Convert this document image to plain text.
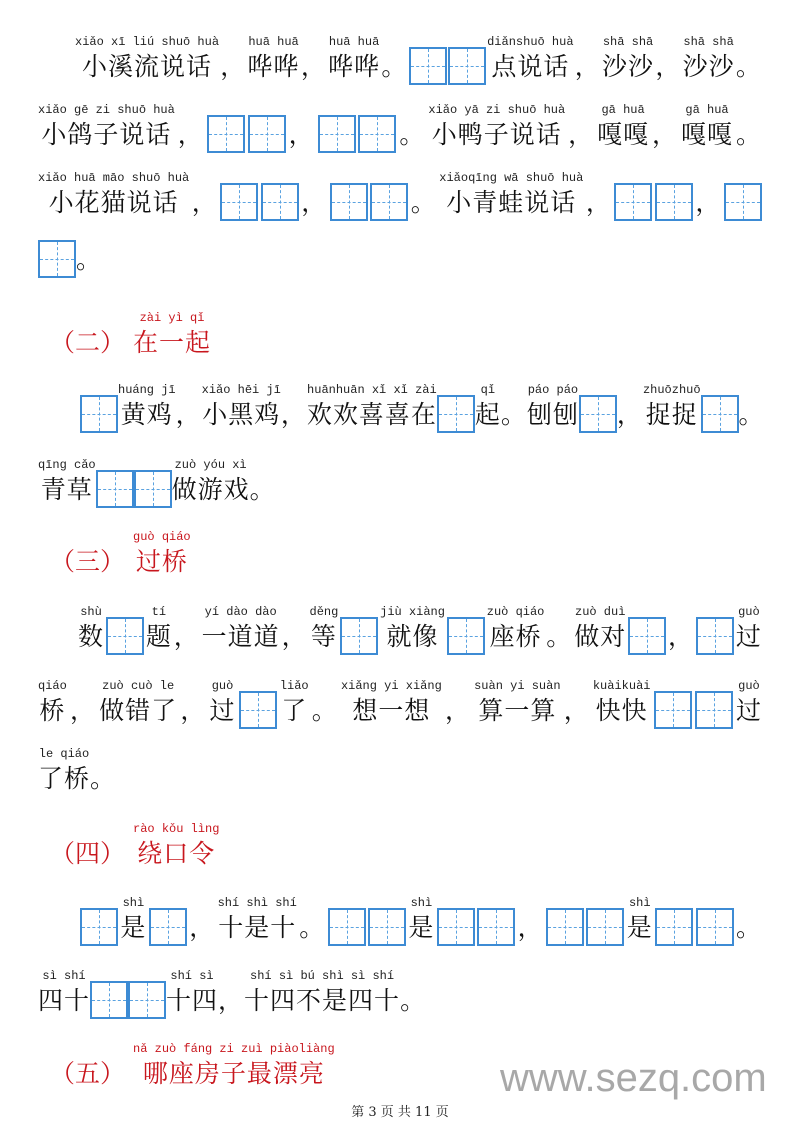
xiǎo xī liú shuō huà
小溪流说话 ，
huā huā
哗哗 ，
huā huā
哗哗 。
diǎnshuō huà
点说话 ，
shā shā
沙沙 ，
shā shā
沙沙 。
xiǎo gē zi shuō huà
小鸽子说话 ，	，	。
xiǎo yā zi shuō huà
小鸭子说话 ，
gā huā
嘎嘎 ，
gā huā
嘎嘎 。
xiǎo huā māo shuō huà
小花猫说话 ，	，	。
xiǎoqīng wā shuō huà
小青蛙说话 ，	，
。
（二）
zài yì qǐ
在一起
huáng jī
黄鸡 ，
xiǎo hēi jī
小黑鸡 ，
huānhuān xǐ xǐ zài
欢欢喜喜在
qǐ
起 。
páo páo
刨刨 ，
zhuōzhuō
捉捉 。
qīng cǎo
青草
zuò yóu xì
做游戏 。
（三）
guò qiáo
过桥
shù
数
tí
题 ，
yí dào dào
一道道 ，
děng
等
jiù xiàng
就像
zuò qiáo
座桥 。
zuò duì
做对 ，
guò
过
qiáo
桥 ，
zuò cuò le
做错了 ，
guò
过
liǎo
了 。
xiǎng yi xiǎng
想一想 ，
suàn yi suàn
算一算 ，
kuàikuài
快快
guò
过
le qiáo
了桥 。
（四）
rào kǒu lìng
绕口令
shì
是 ，
shí shì shí
十是十 。
shì
是	，
shì
是	。
sì shí
四十
shí sì
十四 ，
shí sì bú shì sì shí
十四不是四十 。
（五）
nǎ zuò fáng zi zuì piàoliàng
哪座房子最漂亮	www.sezq.com
第 3 页 共 11 页
